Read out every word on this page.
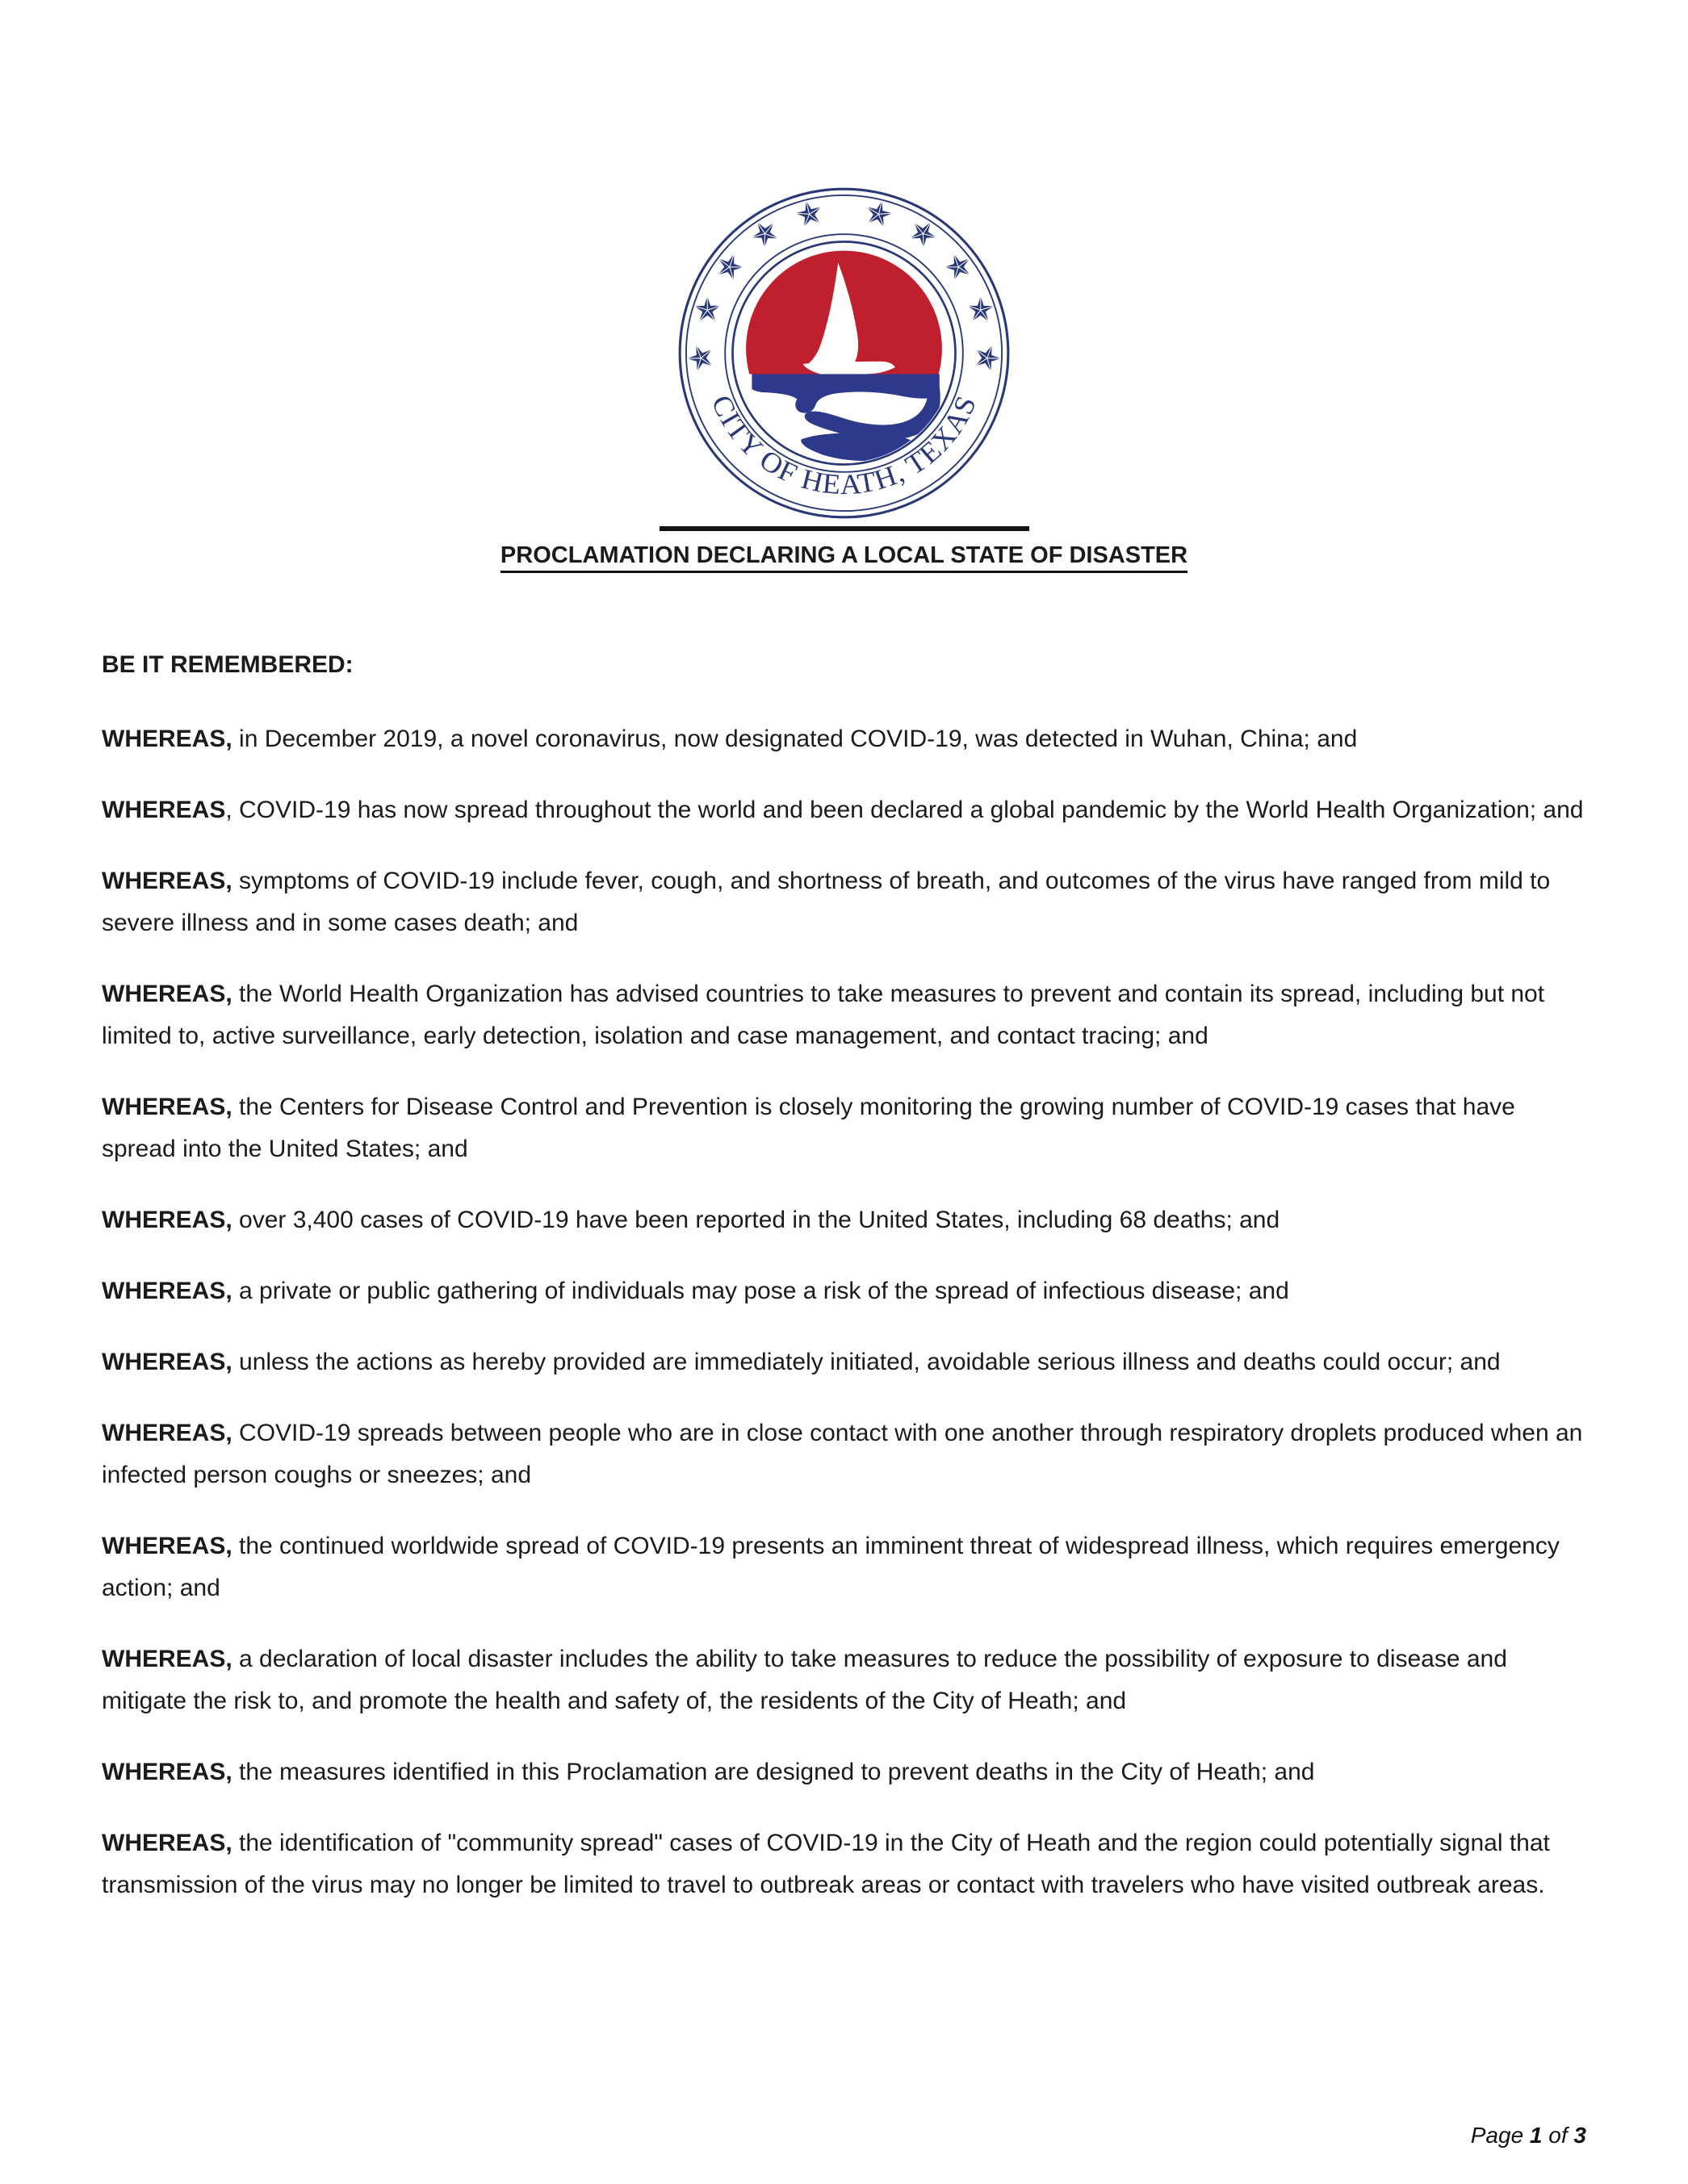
CITY OF HEATH, TEXAS
PROCLAMATION DECLARING A LOCAL STATE OF DISASTER
BE IT REMEMBERED:

WHEREAS, in December 2019, a novel coronavirus, now designated COVID-19, was detected in Wuhan, China; and

WHEREAS, COVID-19 has now spread throughout the world and been declared a global pandemic by the World Health Organization; and

WHEREAS, symptoms of COVID-19 include fever, cough, and shortness of breath, and outcomes of the virus have ranged from mild to severe illness and in some cases death; and

WHEREAS, the World Health Organization has advised countries to take measures to prevent and contain its spread, including but not limited to, active surveillance, early detection, isolation and case management, and contact tracing; and

WHEREAS, the Centers for Disease Control and Prevention is closely monitoring the growing number of COVID-19 cases that have spread into the United States; and

WHEREAS, over 3,400 cases of COVID-19 have been reported in the United States, including 68 deaths; and

WHEREAS, a private or public gathering of individuals may pose a risk of the spread of infectious disease; and

WHEREAS, unless the actions as hereby provided are immediately initiated, avoidable serious illness and deaths could occur; and

WHEREAS, COVID-19 spreads between people who are in close contact with one another through respiratory droplets produced when an infected person coughs or sneezes; and

WHEREAS, the continued worldwide spread of COVID-19 presents an imminent threat of widespread illness, which requires emergency action; and

WHEREAS, a declaration of local disaster includes the ability to take measures to reduce the possibility of exposure to disease and mitigate the risk to, and promote the health and safety of, the residents of the City of Heath; and

WHEREAS, the measures identified in this Proclamation are designed to prevent deaths in the City of Heath; and

WHEREAS, the identification of "community spread" cases of COVID-19 in the City of Heath and the region could potentially signal that transmission of the virus may no longer be limited to travel to outbreak areas or contact with travelers who have visited outbreak areas.

Page 1 of 3
